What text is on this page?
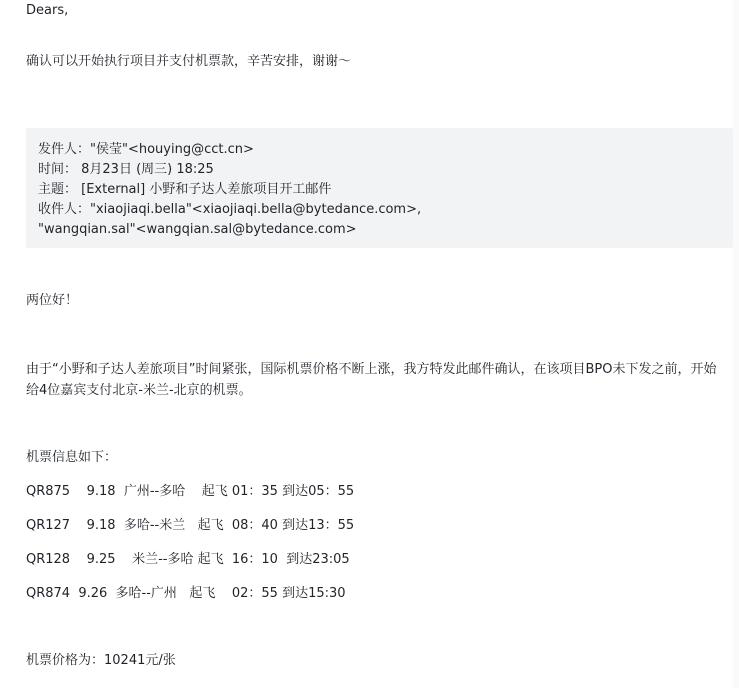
Dears,
确认可以开始执行项目并支付机票款，辛苦安排，谢谢～
发件人："侯莹"<houying@cct.cn>
时间： 8月23日 (周三) 18:25
主题： [External] 小野和子达人差旅项目开工邮件
收件人："xiaojiaqi.bella"<xiaojiaqi.bella@bytedance.com>,
"wangqian.sal"<wangqian.sal@bytedance.com>
两位好！
由于“小野和子达人差旅项目”时间紧张，国际机票价格不断上涨，我方特发此邮件确认，在该项目BPO未下发之前，开始给4位嘉宾支付北京-米兰-北京的机票。
机票信息如下：
QR875    9.18  广州--多哈    起飞 01：35 到达05：55
QR127    9.18  多哈--米兰   起飞  08：40 到达13：55
QR128    9.25    米兰--多哈 起飞  16：10  到达23:05
QR874  9.26  多哈--广州   起飞    02：55 到达15:30
机票价格为：10241元/张
